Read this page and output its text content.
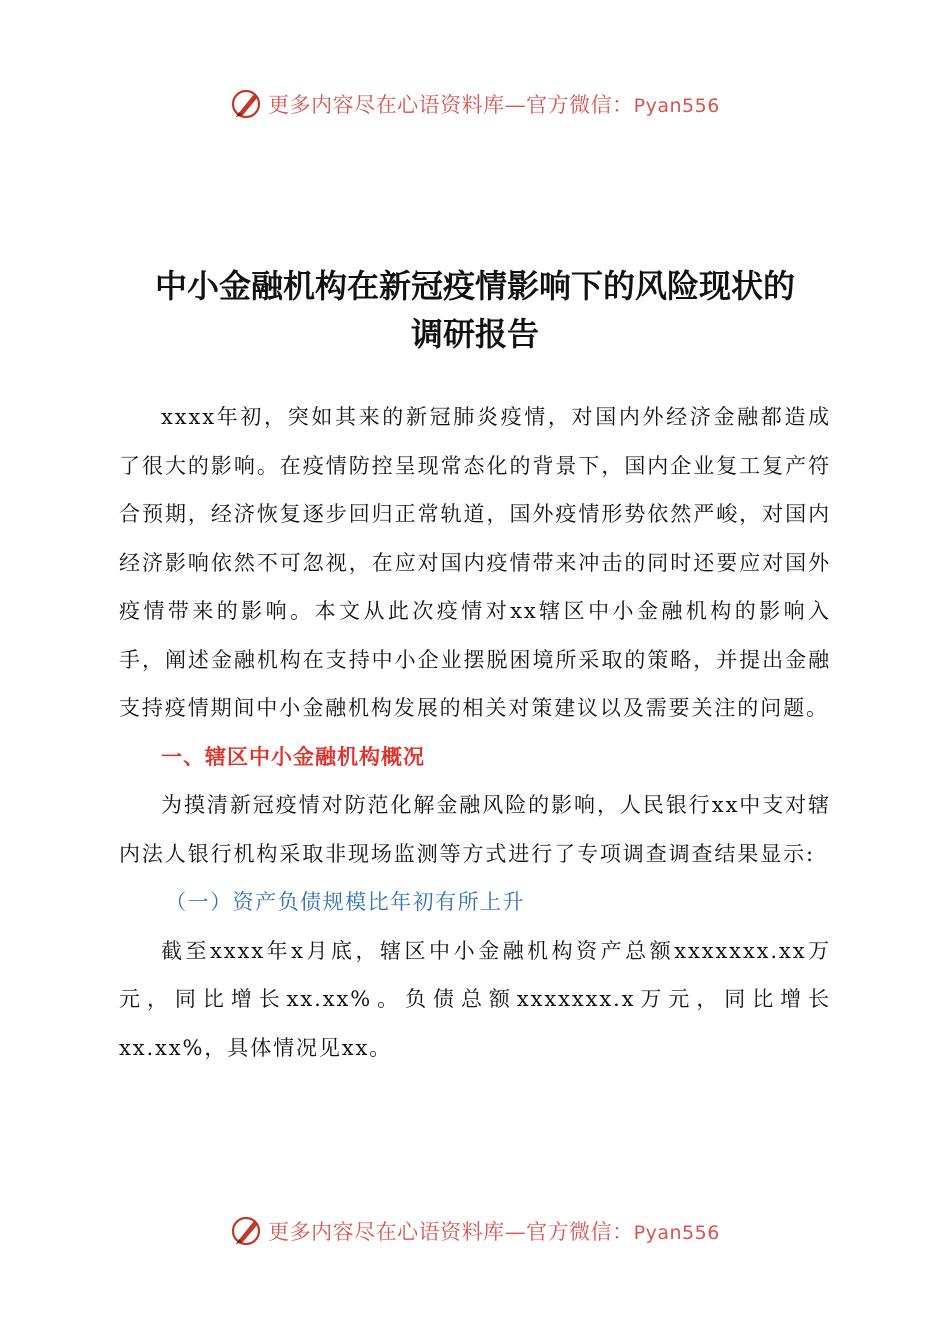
更多内容尽在心语资料库—官方微信：Pyan556
中小金融机构在新冠疫情影响下的风险现状的
调研报告

xxxx年初，突如其来的新冠肺炎疫情，对国内外经济金融都造成了很大的影响。在疫情防控呈现常态化的背景下，国内企业复工复产符合预期，经济恢复逐步回归正常轨道，国外疫情形势依然严峻，对国内经济影响依然不可忽视，在应对国内疫情带来冲击的同时还要应对国外疫情带来的影响。本文从此次疫情对xx辖区中小金融机构的影响入手，阐述金融机构在支持中小企业摆脱困境所采取的策略，并提出金融支持疫情期间中小金融机构发展的相关对策建议以及需要关注的问题。

一、辖区中小金融机构概况

为摸清新冠疫情对防范化解金融风险的影响，人民银行xx中支对辖内法人银行机构采取非现场监测等方式进行了专项调查调查结果显示:

（一）资产负债规模比年初有所上升

截至xxxx年x月底，辖区中小金融机构资产总额xxxxxxx.xx万元，同比增长xx.xx%。负债总额xxxxxxx.x万元，同比增长xx.xx%，具体情况见xx。

更多内容尽在心语资料库—官方微信：Pyan556
